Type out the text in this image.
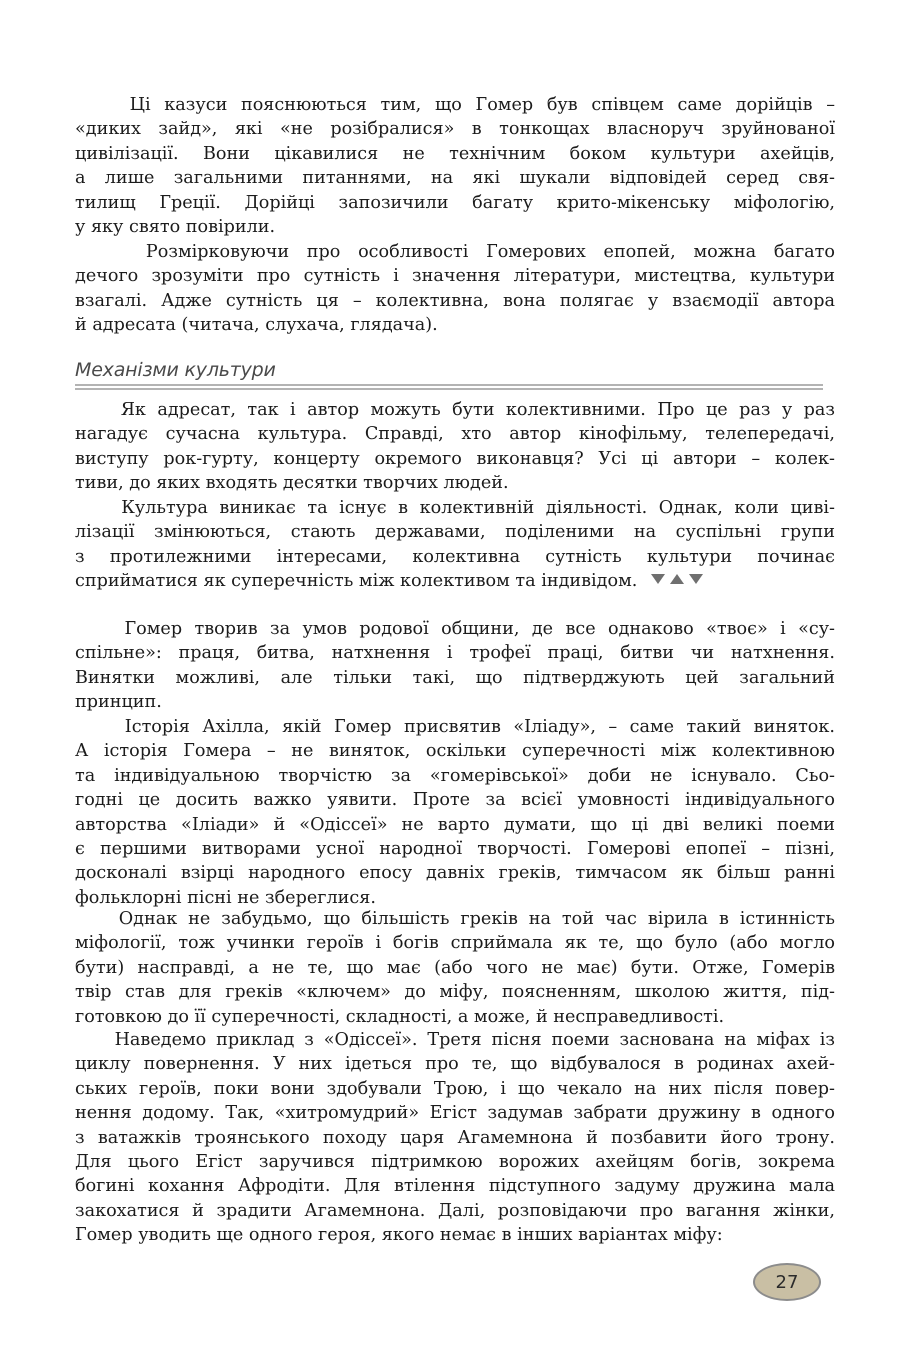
Механізми культури
Ці казуси пояснюються тим, що Гомер був співцем саме дорійців –
«диких зайд», які «не розібралися» в тонкощах власноруч зруйнованої
цивілізації. Вони цікавилися не технічним боком культури ахейців,
а лише загальними питаннями, на які шукали відповідей серед свя-
тилищ Греції. Дорійці запозичили багату крито-мікенську міфологію,
у яку свято повірили.
Розмірковуючи про особливості Гомерових епопей, можна багато
дечого зрозуміти про сутність і значення літератури, мистецтва, культури
взагалі. Адже сутність ця – колективна, вона полягає у взаємодії автора
й адресата (читача, слухача, глядача).
Як адресат, так і автор можуть бути колективними. Про це раз у раз
нагадує сучасна культура. Справді, хто автор кінофільму, телепередачі,
виступу рок-гурту, концерту окремого виконавця? Усі ці автори – колек-
тиви, до яких входять десятки творчих людей.
Культура виникає та існує в колективній діяльності. Однак, коли циві-
лізації змінюються, стають державами, поділеними на суспільні групи
з протилежними інтересами, колективна сутність культури починає
сприйматися як суперечність між колективом та індивідом.
Гомер творив за умов родової общини, де все однаково «твоє» і «су-
спільне»: праця, битва, натхнення і трофеї праці, битви чи натхнення.
Винятки можливі, але тільки такі, що підтверджують цей загальний
принцип.
Історія Ахілла, якій Гомер присвятив «Іліаду», – саме такий виняток.
А історія Гомера – не виняток, оскільки суперечності між колективною
та індивідуальною творчістю за «гомерівської» доби не існувало. Сьо-
годні це досить важко уявити. Проте за всієї умовності індивідуального
авторства «Іліади» й «Одіссеї» не варто думати, що ці дві великі поеми
є першими витворами усної народної творчості. Гомерові епопеї – пізні,
досконалі взірці народного епосу давніх греків, тимчасом як більш ранні
фольклорні пісні не збереглися.
Однак не забудьмо, що більшість греків на той час вірила в істинність
міфології, тож учинки героїв і богів сприймала як те, що було (або могло
бути) насправді, а не те, що має (або чого не має) бути. Отже, Гомерів
твір став для греків «ключем» до міфу, поясненням, школою життя, під-
готовкою до її суперечності, складності, а може, й несправедливості.
Наведемо приклад з «Одіссеї». Третя пісня поеми заснована на міфах із
циклу повернення. У них ідеться про те, що відбувалося в родинах ахей-
ських героїв, поки вони здобували Трою, і що чекало на них після повер-
нення додому. Так, «хитромудрий» Егіст задумав забрати дружину в одного
з ватажків троянського походу царя Агамемнона й позбавити його трону.
Для цього Егіст заручився підтримкою ворожих ахейцям богів, зокрема
богині кохання Афродіти. Для втілення підступного задуму дружина мала
закохатися й зрадити Агамемнона. Далі, розповідаючи про вагання жінки,
Гомер уводить ще одного героя, якого немає в інших варіантах міфу:
27
